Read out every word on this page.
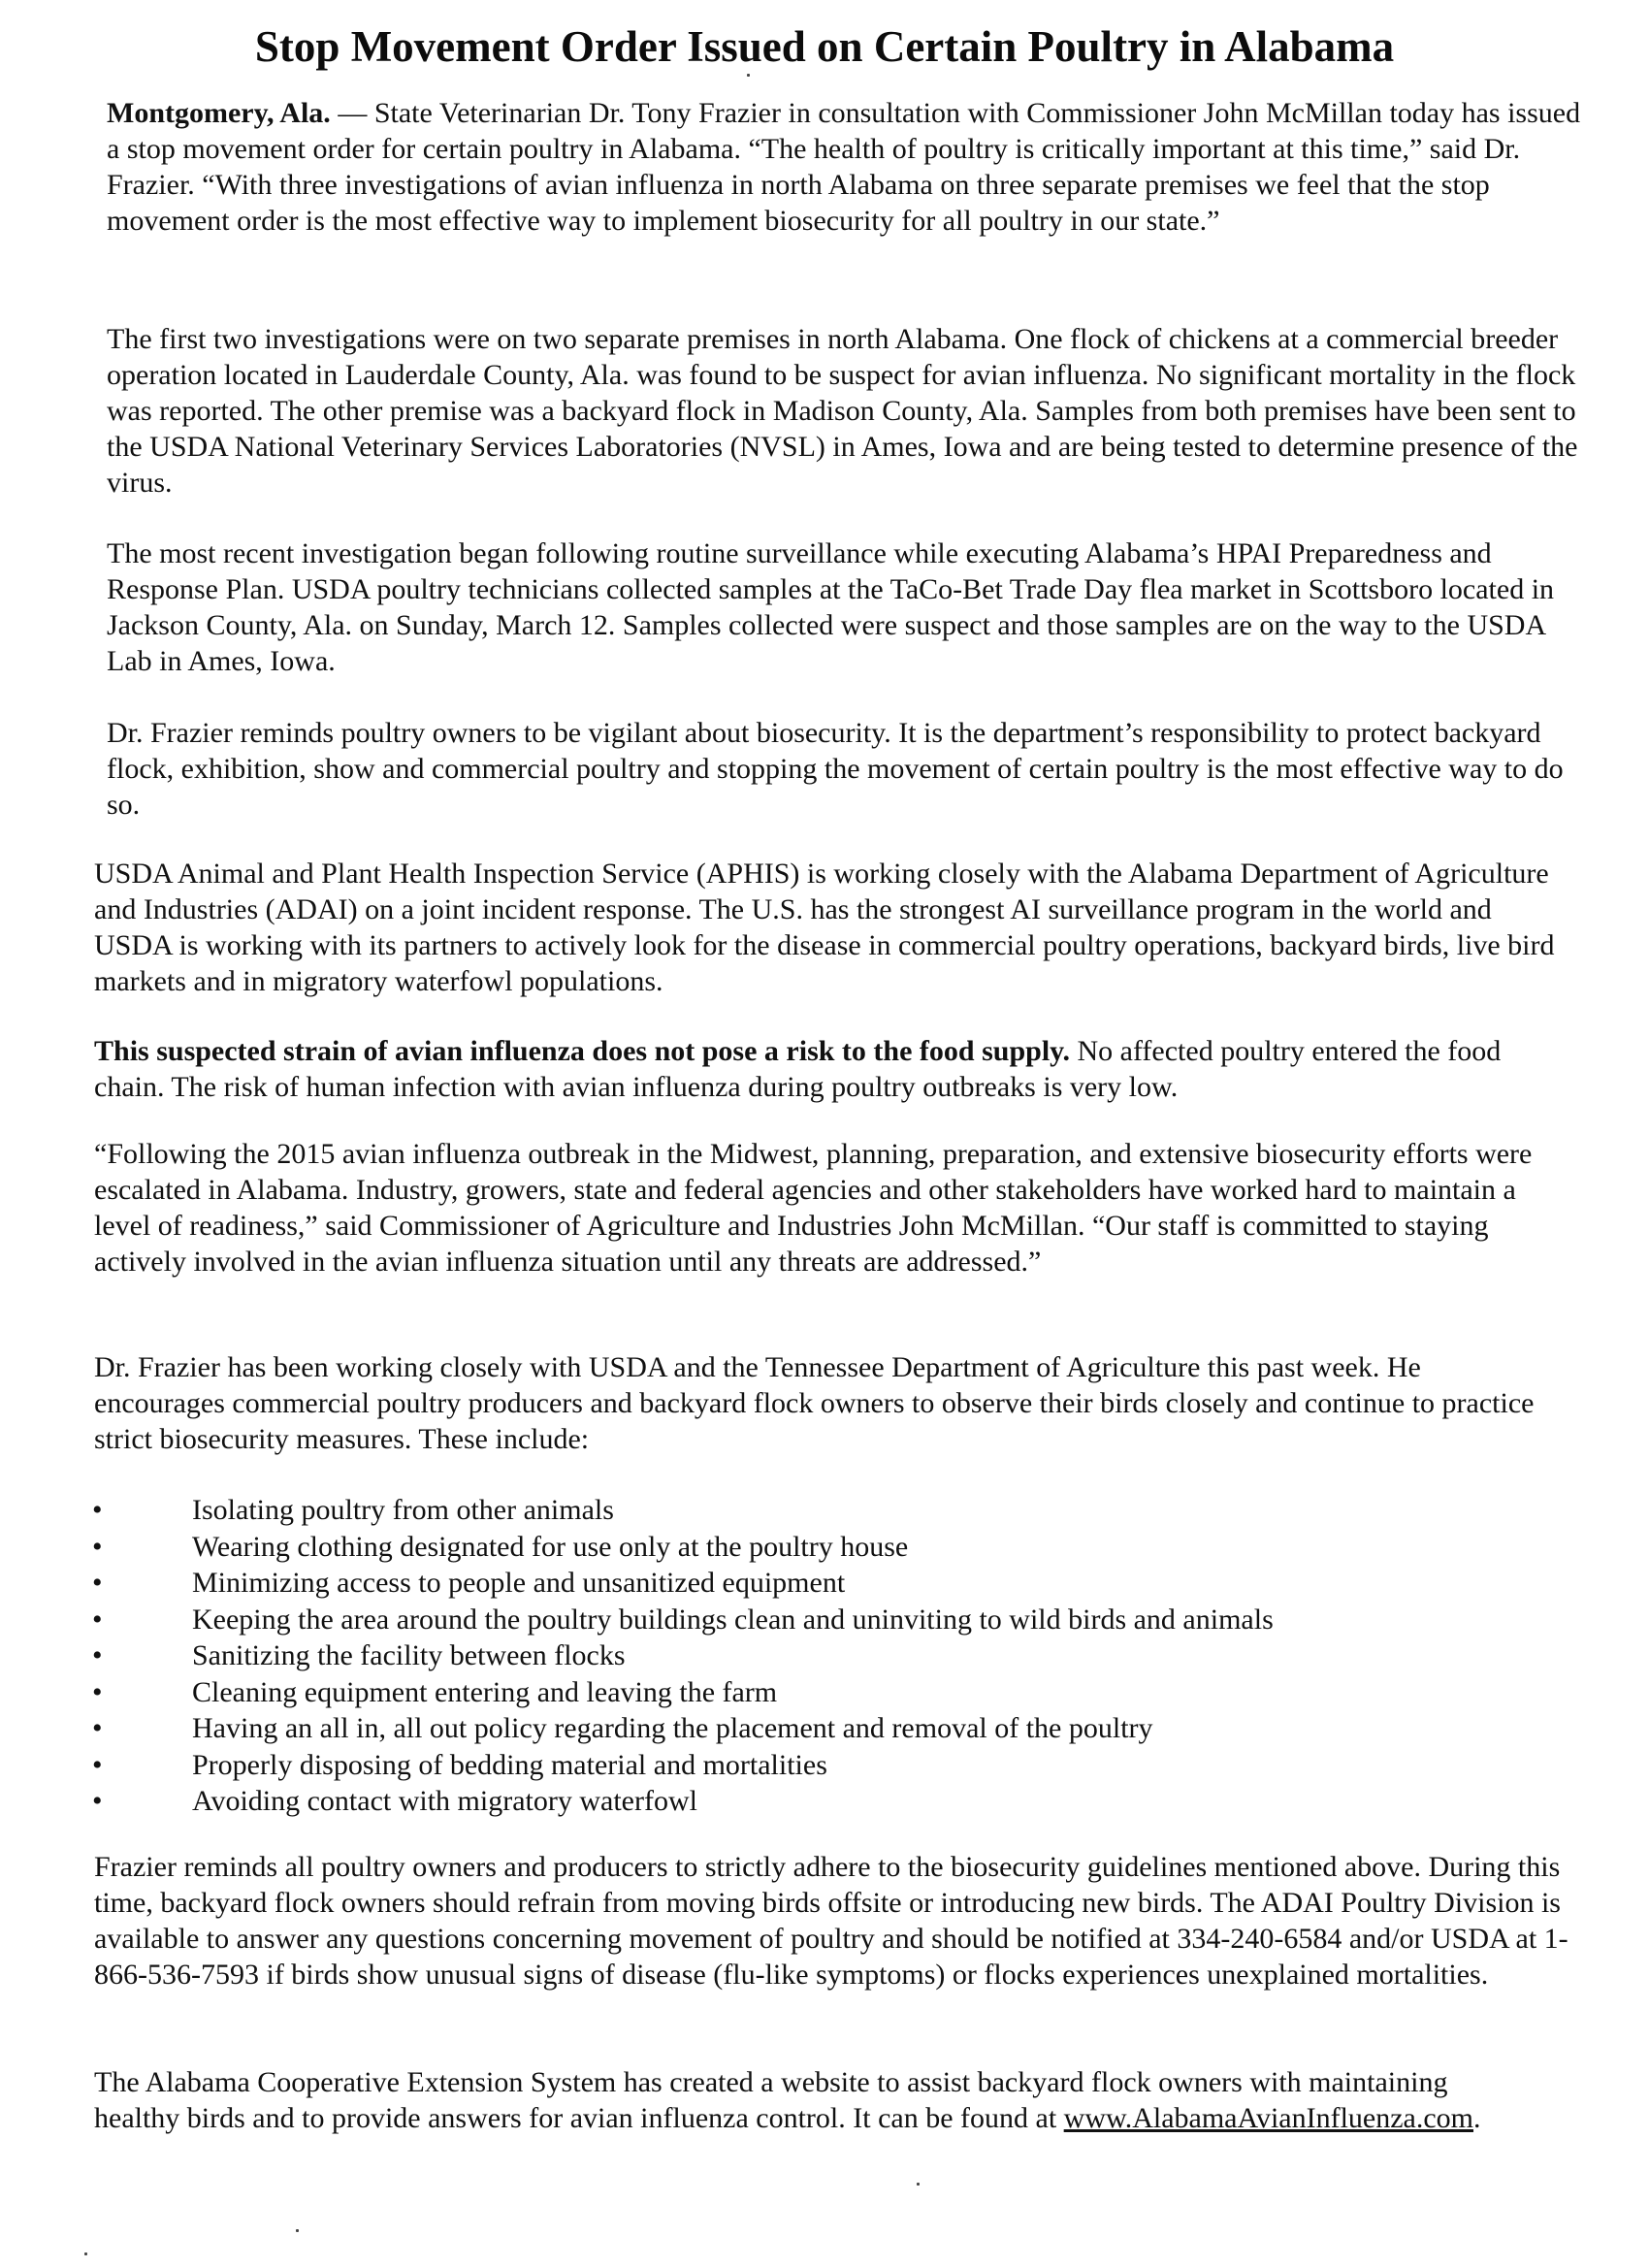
Stop Movement Order Issued on Certain Poultry in Alabama

Montgomery, Ala. — State Veterinarian Dr. Tony Frazier in consultation with Commissioner John McMillan today has issued a stop movement order for certain poultry in Alabama. “The health of poultry is critically important at this time,” said Dr. Frazier. “With three investigations of avian influenza in north Alabama on three separate premises we feel that the stop movement order is the most effective way to implement biosecurity for all poultry in our state.”

The first two investigations were on two separate premises in north Alabama. One flock of chickens at a commercial breeder operation located in Lauderdale County, Ala. was found to be suspect for avian influenza. No significant mortality in the flock was reported. The other premise was a backyard flock in Madison County, Ala. Samples from both premises have been sent to the USDA National Veterinary Services Laboratories (NVSL) in Ames, Iowa and are being tested to determine presence of the virus.

The most recent investigation began following routine surveillance while executing Alabama’s HPAI Preparedness and Response Plan. USDA poultry technicians collected samples at the TaCo-Bet Trade Day flea market in Scottsboro located in Jackson County, Ala. on Sunday, March 12. Samples collected were suspect and those samples are on the way to the USDA Lab in Ames, Iowa.

Dr. Frazier reminds poultry owners to be vigilant about biosecurity. It is the department’s responsibility to protect backyard flock, exhibition, show and commercial poultry and stopping the movement of certain poultry is the most effective way to do so.

USDA Animal and Plant Health Inspection Service (APHIS) is working closely with the Alabama Department of Agriculture and Industries (ADAI) on a joint incident response. The U.S. has the strongest AI surveillance program in the world and USDA is working with its partners to actively look for the disease in commercial poultry operations, backyard birds, live bird markets and in migratory waterfowl populations.

This suspected strain of avian influenza does not pose a risk to the food supply. No affected poultry entered the food chain. The risk of human infection with avian influenza during poultry outbreaks is very low.

“Following the 2015 avian influenza outbreak in the Midwest, planning, preparation, and extensive biosecurity efforts were escalated in Alabama. Industry, growers, state and federal agencies and other stakeholders have worked hard to maintain a level of readiness,” said Commissioner of Agriculture and Industries John McMillan. “Our staff is committed to staying actively involved in the avian influenza situation until any threats are addressed.”

Dr. Frazier has been working closely with USDA and the Tennessee Department of Agriculture this past week. He encourages commercial poultry producers and backyard flock owners to observe their birds closely and continue to practice strict biosecurity measures. These include:

•	Isolating poultry from other animals
•	Wearing clothing designated for use only at the poultry house
•	Minimizing access to people and unsanitized equipment
•	Keeping the area around the poultry buildings clean and uninviting to wild birds and animals
•	Sanitizing the facility between flocks
•	Cleaning equipment entering and leaving the farm
•	Having an all in, all out policy regarding the placement and removal of the poultry
•	Properly disposing of bedding material and mortalities
•	Avoiding contact with migratory waterfowl

Frazier reminds all poultry owners and producers to strictly adhere to the biosecurity guidelines mentioned above. During this time, backyard flock owners should refrain from moving birds offsite or introducing new birds. The ADAI Poultry Division is available to answer any questions concerning movement of poultry and should be notified at 334-240-6584 and/or USDA at 1-866-536-7593 if birds show unusual signs of disease (flu-like symptoms) or flocks experiences unexplained mortalities.

The Alabama Cooperative Extension System has created a website to assist backyard flock owners with maintaining healthy birds and to provide answers for avian influenza control. It can be found at www.AlabamaAvianInfluenza.com.
